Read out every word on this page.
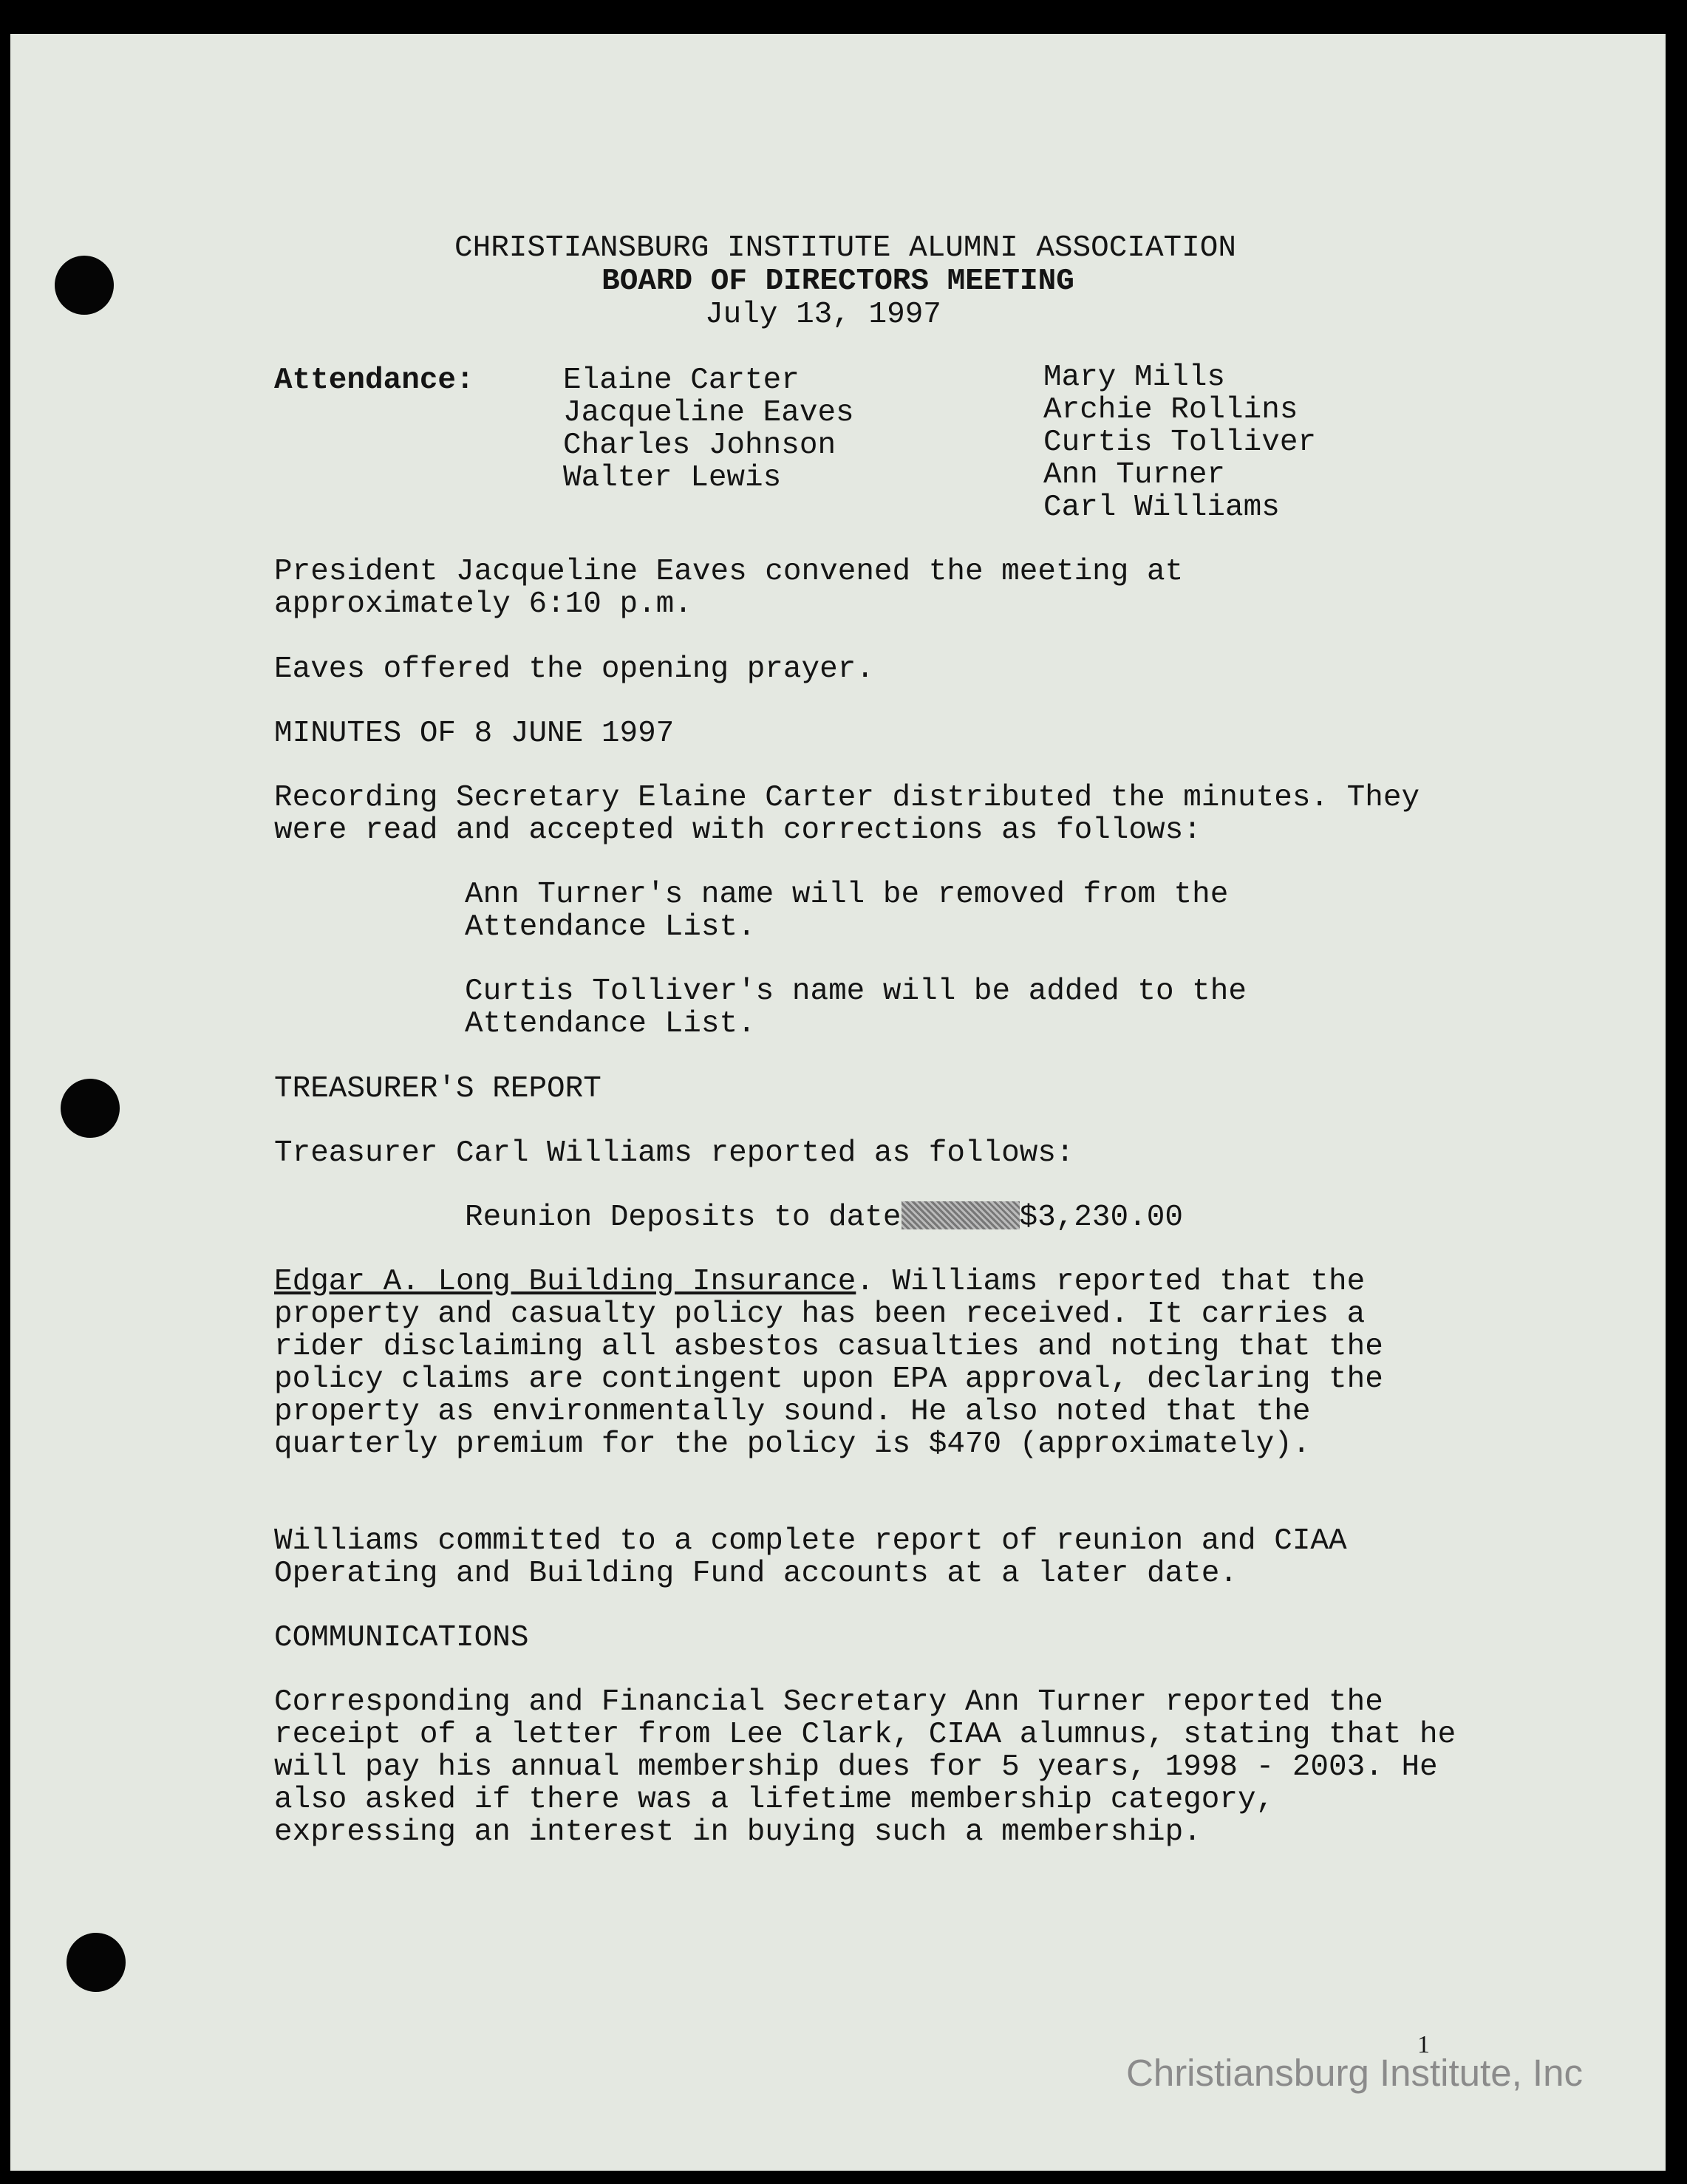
CHRISTIANSBURG INSTITUTE ALUMNI ASSOCIATION
BOARD OF DIRECTORS MEETING
July 13, 1997
Attendance:	Elaine Carter
Jacqueline Eaves
Charles Johnson
Walter Lewis
Mary Mills
Archie Rollins
Curtis Tolliver
Ann Turner
Carl Williams

President Jacqueline Eaves convened the meeting at approximately 6:10 p.m.

Eaves offered the opening prayer.
MINUTES OF 8 JUNE 1997

Recording Secretary Elaine Carter distributed the minutes. They were read and accepted with corrections as follows:

Ann Turner's name will be removed from the Attendance List.

Curtis Tolliver's name will be added to the Attendance List.

TREASURER'S REPORT
Treasurer Carl Williams reported as follows:
Reunion Deposits to date	$3,230.00

Edgar A. Long Building Insurance. Williams reported that the property and casualty policy has been received. It carries a rider disclaiming all asbestos casualties and noting that the policy claims are contingent upon EPA approval, declaring the property as environmentally sound. He also noted that the quarterly premium for the policy is $470 (approximately).

Williams committed to a complete report of reunion and CIAA Operating and Building Fund accounts at a later date.

COMMUNICATIONS

Corresponding and Financial Secretary Ann Turner reported the receipt of a letter from Lee Clark, CIAA alumnus, stating that he will pay his annual membership dues for 5 years, 1998 - 2003. He also asked if there was a lifetime membership category, expressing an interest in buying such a membership.

1
Christiansburg Institute, Inc
